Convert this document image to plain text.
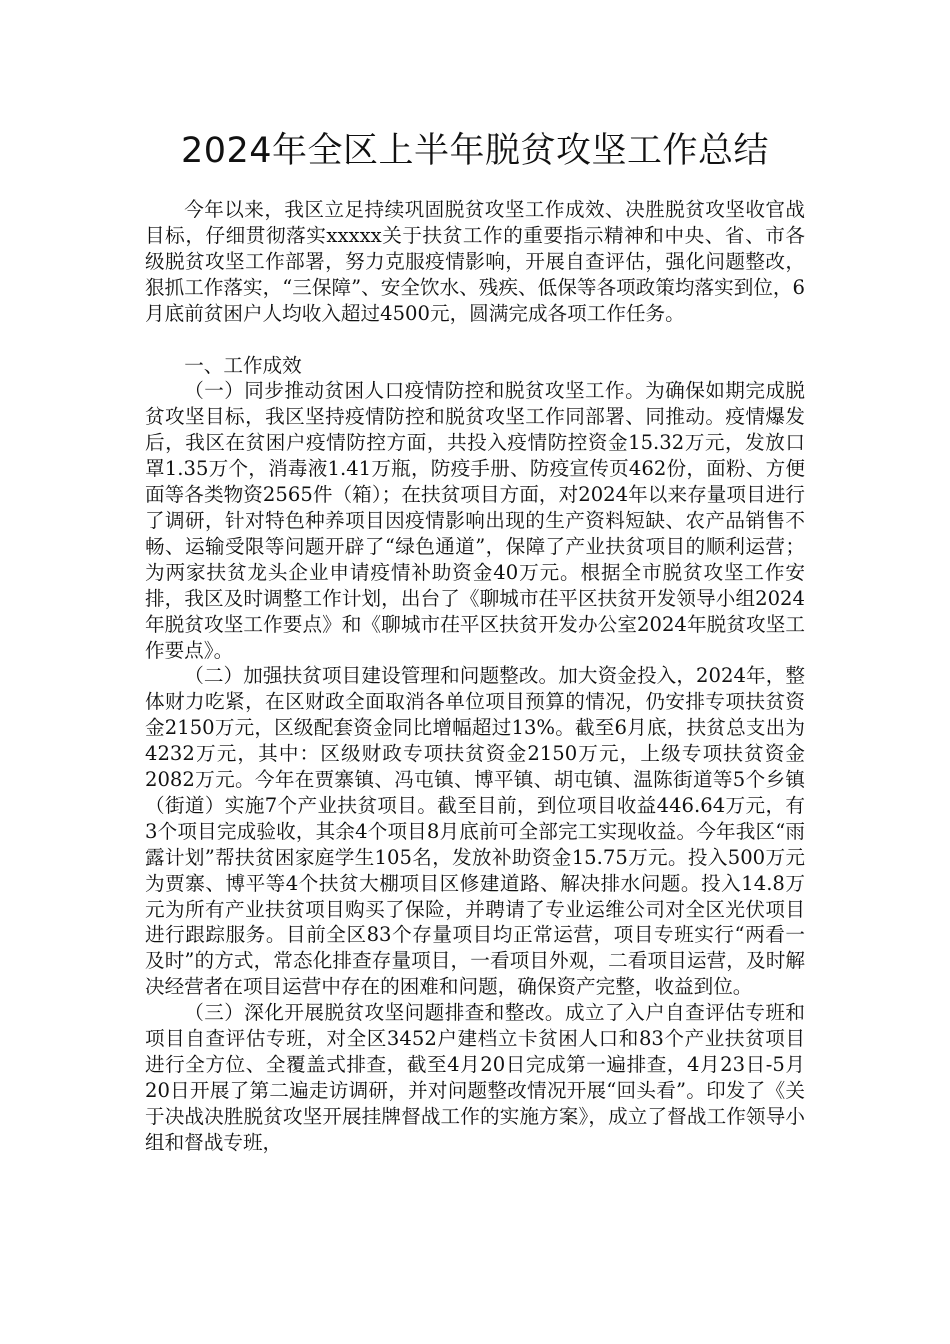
2024年全区上半年脱贫攻坚工作总结

今年以来，我区立足持续巩固脱贫攻坚工作成效、决胜脱贫攻坚收官战目标，仔细贯彻落实xxxxx关于扶贫工作的重要指示精神和中央、省、市各级脱贫攻坚工作部署，努力克服疫情影响，开展自查评估，强化问题整改，狠抓工作落实，“三保障”、安全饮水、残疾、低保等各项政策均落实到位，6月底前贫困户人均收入超过4500元，圆满完成各项工作任务。

一、工作成效

（一）同步推动贫困人口疫情防控和脱贫攻坚工作。为确保如期完成脱贫攻坚目标，我区坚持疫情防控和脱贫攻坚工作同部署、同推动。疫情爆发后，我区在贫困户疫情防控方面，共投入疫情防控资金15.32万元，发放口罩1.35万个，消毒液1.41万瓶，防疫手册、防疫宣传页462份，面粉、方便面等各类物资2565件（箱）；在扶贫项目方面，对2024年以来存量项目进行了调研，针对特色种养项目因疫情影响出现的生产资料短缺、农产品销售不畅、运输受限等问题开辟了“绿色通道”，保障了产业扶贫项目的顺利运营；为两家扶贫龙头企业申请疫情补助资金40万元。根据全市脱贫攻坚工作安排，我区及时调整工作计划，出台了《聊城市茌平区扶贫开发领导小组2024年脱贫攻坚工作要点》和《聊城市茌平区扶贫开发办公室2024年脱贫攻坚工作要点》。

（二）加强扶贫项目建设管理和问题整改。加大资金投入，2024年，整体财力吃紧，在区财政全面取消各单位项目预算的情况，仍安排专项扶贫资金2150万元，区级配套资金同比增幅超过13%。截至6月底，扶贫总支出为4232万元，其中：区级财政专项扶贫资金2150万元，上级专项扶贫资金2082万元。今年在贾寨镇、冯屯镇、博平镇、胡屯镇、温陈街道等5个乡镇（街道）实施7个产业扶贫项目。截至目前，到位项目收益446.64万元，有3个项目完成验收，其余4个项目8月底前可全部完工实现收益。今年我区“雨露计划”帮扶贫困家庭学生105名，发放补助资金15.75万元。投入500万元为贾寨、博平等4个扶贫大棚项目区修建道路、解决排水问题。投入14.8万元为所有产业扶贫项目购买了保险，并聘请了专业运维公司对全区光伏项目进行跟踪服务。目前全区83个存量项目均正常运营，项目专班实行“两看一及时”的方式，常态化排查存量项目，一看项目外观，二看项目运营，及时解决经营者在项目运营中存在的困难和问题，确保资产完整，收益到位。

（三）深化开展脱贫攻坚问题排查和整改。成立了入户自查评估专班和项目自查评估专班，对全区3452户建档立卡贫困人口和83个产业扶贫项目进行全方位、全覆盖式排查，截至4月20日完成第一遍排查，4月23日-5月20日开展了第二遍走访调研，并对问题整改情况开展“回头看”。印发了《关于决战决胜脱贫攻坚开展挂牌督战工作的实施方案》，成立了督战工作领导小组和督战专班，
